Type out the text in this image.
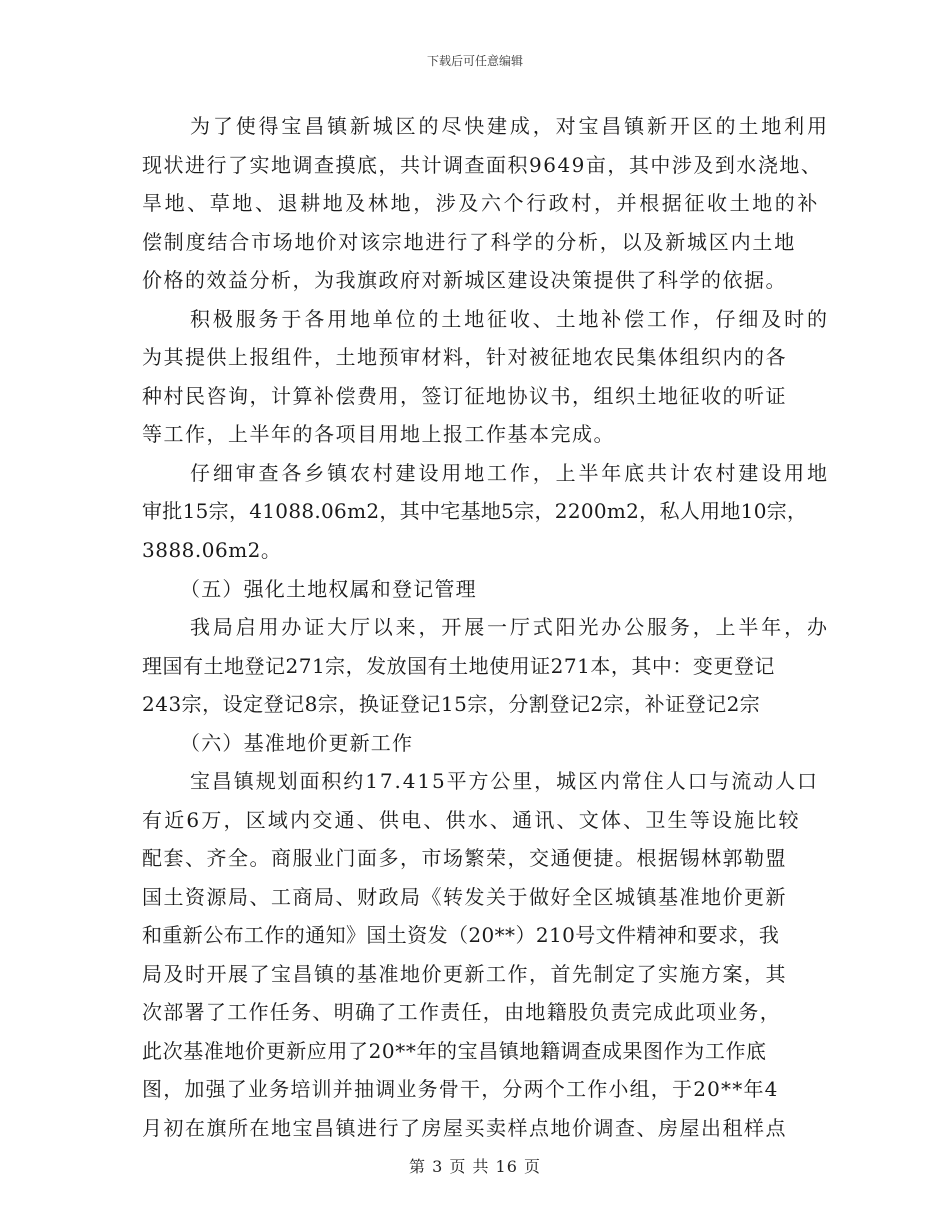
下载后可任意编辑
为了使得宝昌镇新城区的尽快建成，对宝昌镇新开区的土地利用
现状进行了实地调查摸底，共计调查面积9649亩，其中涉及到水浇地、
旱地、草地、退耕地及林地，涉及六个行政村，并根据征收土地的补
偿制度结合市场地价对该宗地进行了科学的分析，以及新城区内土地
价格的效益分析，为我旗政府对新城区建设决策提供了科学的依据。
积极服务于各用地单位的土地征收、土地补偿工作，仔细及时的
为其提供上报组件，土地预审材料，针对被征地农民集体组织内的各
种村民咨询，计算补偿费用，签订征地协议书，组织土地征收的听证
等工作，上半年的各项目用地上报工作基本完成。
仔细审查各乡镇农村建设用地工作，上半年底共计农村建设用地
审批15宗，41088.06m2，其中宅基地5宗，2200m2，私人用地10宗，
3888.06m2。
（五）强化土地权属和登记管理
我局启用办证大厅以来，开展一厅式阳光办公服务，上半年，办
理国有土地登记271宗，发放国有土地使用证271本，其中：变更登记
243宗，设定登记8宗，换证登记15宗，分割登记2宗，补证登记2宗
（六）基准地价更新工作
宝昌镇规划面积约17.415平方公里，城区内常住人口与流动人口
有近6万，区域内交通、供电、供水、通讯、文体、卫生等设施比较
配套、齐全。商服业门面多，市场繁荣，交通便捷。根据锡林郭勒盟
国土资源局、工商局、财政局《转发关于做好全区城镇基准地价更新
和重新公布工作的通知》国土资发（20**）210号文件精神和要求，我
局及时开展了宝昌镇的基准地价更新工作，首先制定了实施方案，其
次部署了工作任务、明确了工作责任，由地籍股负责完成此项业务，
此次基准地价更新应用了20**年的宝昌镇地籍调查成果图作为工作底
图，加强了业务培训并抽调业务骨干，分两个工作小组，于20**年4
月初在旗所在地宝昌镇进行了房屋买卖样点地价调查、房屋出租样点
第 3 页 共 16 页
